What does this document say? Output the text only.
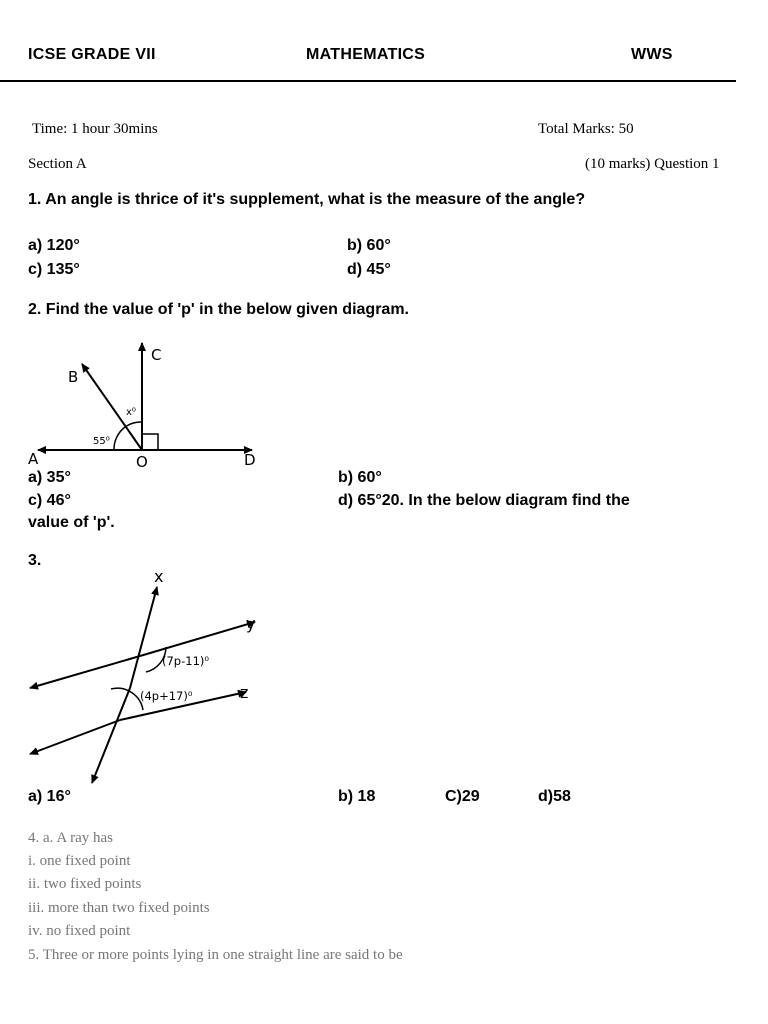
ICSE GRADE VII	MATHEMATICS	WWS
Time: 1 hour 30mins	Total Marks: 50
Section A	(10 marks) Question 1
1. An angle is thrice of it's supplement, what is the measure of the angle?
a) 120°	b) 60°
c) 135°	d) 45°
2. Find the value of 'p' in the below given diagram.
A
B
C
D
O
x⁰
55⁰
a) 35°	b) 60°
c) 46°	d) 65°20. In the below diagram find the
value of 'p'.
3.
x
y
z
(7p-11)⁰
(4p+17)⁰
a) 16°	b) 18	C)29	d)58
4. a. A ray has
i. one fixed point
ii. two fixed points
iii. more than two fixed points
iv. no fixed point
5. Three or more points lying in one straight line are said to be
